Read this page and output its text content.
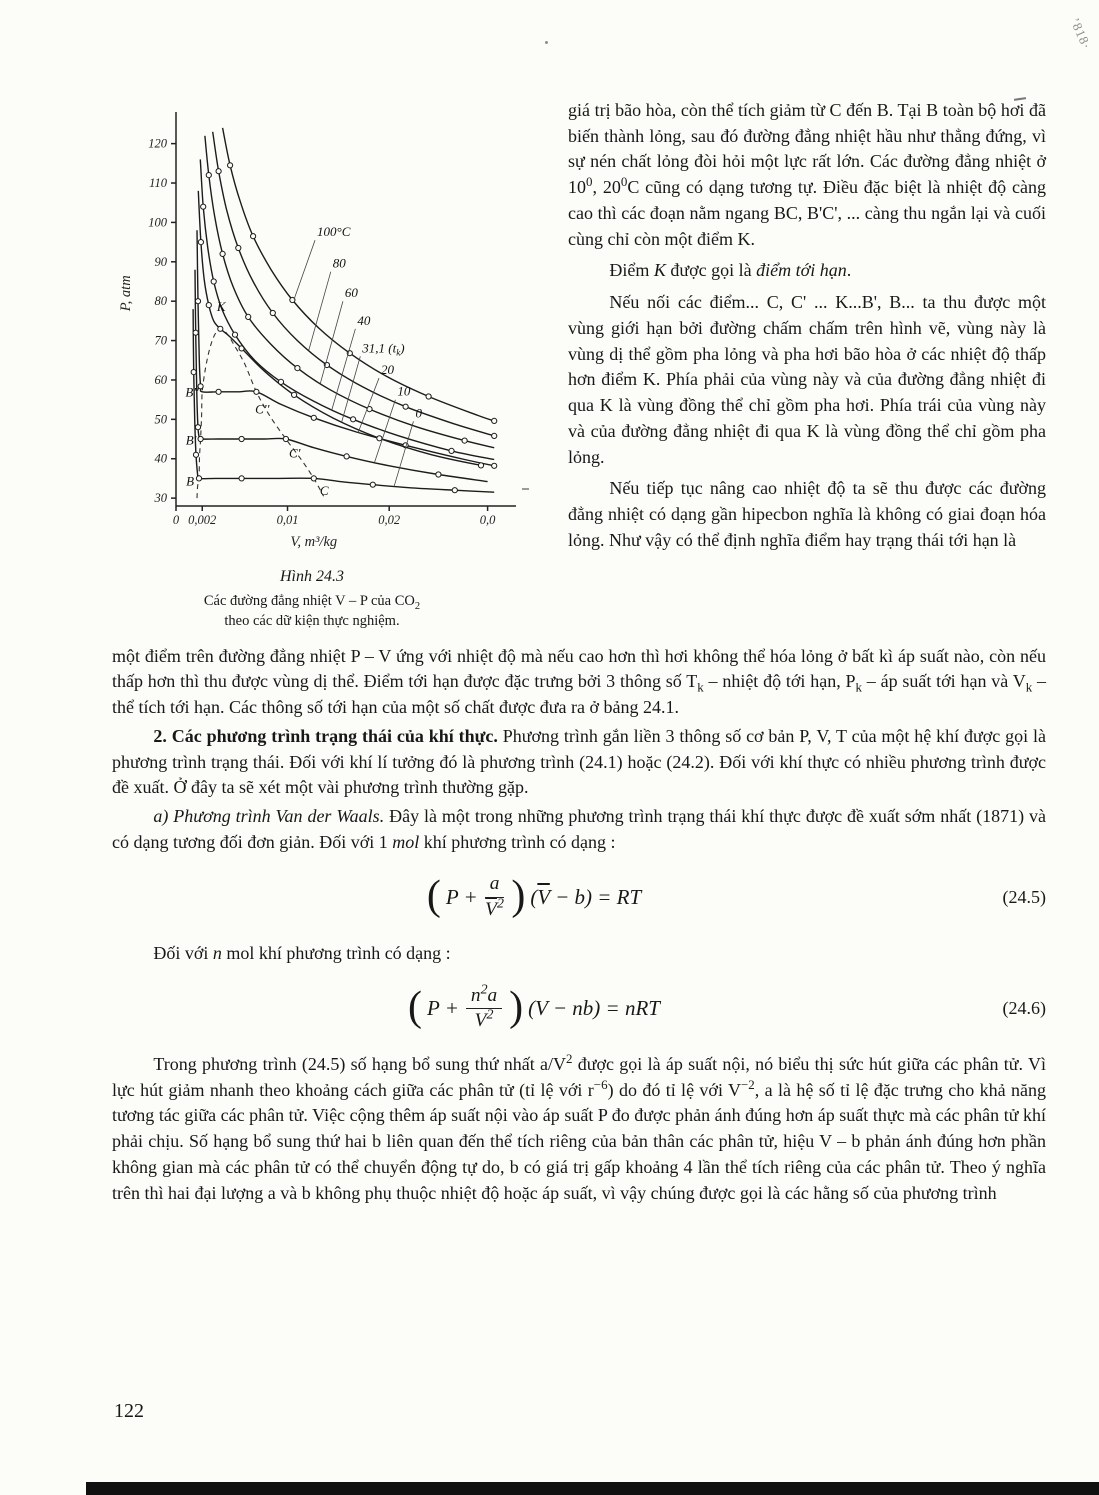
’818·
30
40
50
60
70
80
90
100
110
120
0 0,002	0,01	0,02	0,0
P, atm
V, m³/kg
100°C
80
60
40
31,1 $(t_k)$
20
10
0
K
B''
C''
B'
C'
B
C
Hình 24.3
Các đường đẳng nhiệt V – P của $CO_2$
theo các dữ kiện thực nghiệm.

giá trị bão hòa, còn thể tích giảm từ C đến B. Tại B toàn bộ hơi đã biến thành lỏng, sau đó đường đẳng nhiệt hầu như thẳng đứng, vì sự nén chất lỏng đòi hỏi một lực rất lớn. Các đường đẳng nhiệt ở $10^0$, $20^0C$ cũng có dạng tương tự. Điều đặc biệt là nhiệt độ càng cao thì các đoạn nằm ngang BC, B'C', ... càng thu ngắn lại và cuối cùng chỉ còn một điểm K.

Điểm K được gọi là điểm tới hạn.

Nếu nối các điểm... C, C' ... K...B', B... ta thu được một vùng giới hạn bởi đường chấm chấm trên hình vẽ, vùng này là vùng dị thể gồm pha lỏng và pha hơi bão hòa ở các nhiệt độ thấp hơn điểm K. Phía phải của vùng này và của đường đẳng nhiệt đi qua K là vùng đồng thể chỉ gồm pha hơi. Phía trái của vùng này và của đường đẳng nhiệt đi qua K là vùng đồng thể chỉ gồm pha lỏng.

Nếu tiếp tục nâng cao nhiệt độ ta sẽ thu được các đường đẳng nhiệt có dạng gần hipecbon nghĩa là không có giai đoạn hóa lỏng. Như vậy có thể định nghĩa điểm hay trạng thái tới hạn là

một điểm trên đường đẳng nhiệt P – V ứng với nhiệt độ mà nếu cao hơn thì hơi không thể hóa lỏng ở bất kì áp suất nào, còn nếu thấp hơn thì thu được vùng dị thể. Điểm tới hạn được đặc trưng bởi 3 thông số $T_k$ – nhiệt độ tới hạn, $P_k$ – áp suất tới hạn và $V_k$ – thể tích tới hạn. Các thông số tới hạn của một số chất được đưa ra ở bảng 24.1.

2. Các phương trình trạng thái của khí thực. Phương trình gắn liền 3 thông số cơ bản P, V, T của một hệ khí được gọi là phương trình trạng thái. Đối với khí lí tưởng đó là phương trình (24.1) hoặc (24.2). Đối với khí thực có nhiều phương trình được đề xuất. Ở đây ta sẽ xét một vài phương trình thường gặp.

a) Phương trình Van der Waals. Đây là một trong những phương trình trạng thái khí thực được đề xuất sớm nhất (1871) và có dạng tương đối đơn giản. Đối với 1 mol khí phương trình có dạng :

( $P + \frac{a}{\overline{V}^2}$ ) $(\overline{V} - b)$ = RT	(24.5)

Đối với n mol khí phương trình có dạng :

( $P + \frac{n^2a}{V^2}$ ) (V − nb) = nRT	(24.6)

Trong phương trình (24.5) số hạng bổ sung thứ nhất $a/V^2$ được gọi là áp suất nội, nó biểu thị sức hút giữa các phân tử. Vì lực hút giảm nhanh theo khoảng cách giữa các phân tử (tỉ lệ với $r^{-6}$) do đó tỉ lệ với $V^{-2}$, a là hệ số tỉ lệ đặc trưng cho khả năng tương tác giữa các phân tử. Việc cộng thêm áp suất nội vào áp suất P đo được phản ánh đúng hơn áp suất thực mà các phân tử khí phải chịu. Số hạng bổ sung thứ hai b liên quan đến thể tích riêng của bản thân các phân tử, hiệu V – b phản ánh đúng hơn phần không gian mà các phân tử có thể chuyển động tự do, b có giá trị gấp khoảng 4 lần thể tích riêng của các phân tử. Theo ý nghĩa trên thì hai đại lượng a và b không phụ thuộc nhiệt độ hoặc áp suất, vì vậy chúng được gọi là các hằng số của phương trình

122
